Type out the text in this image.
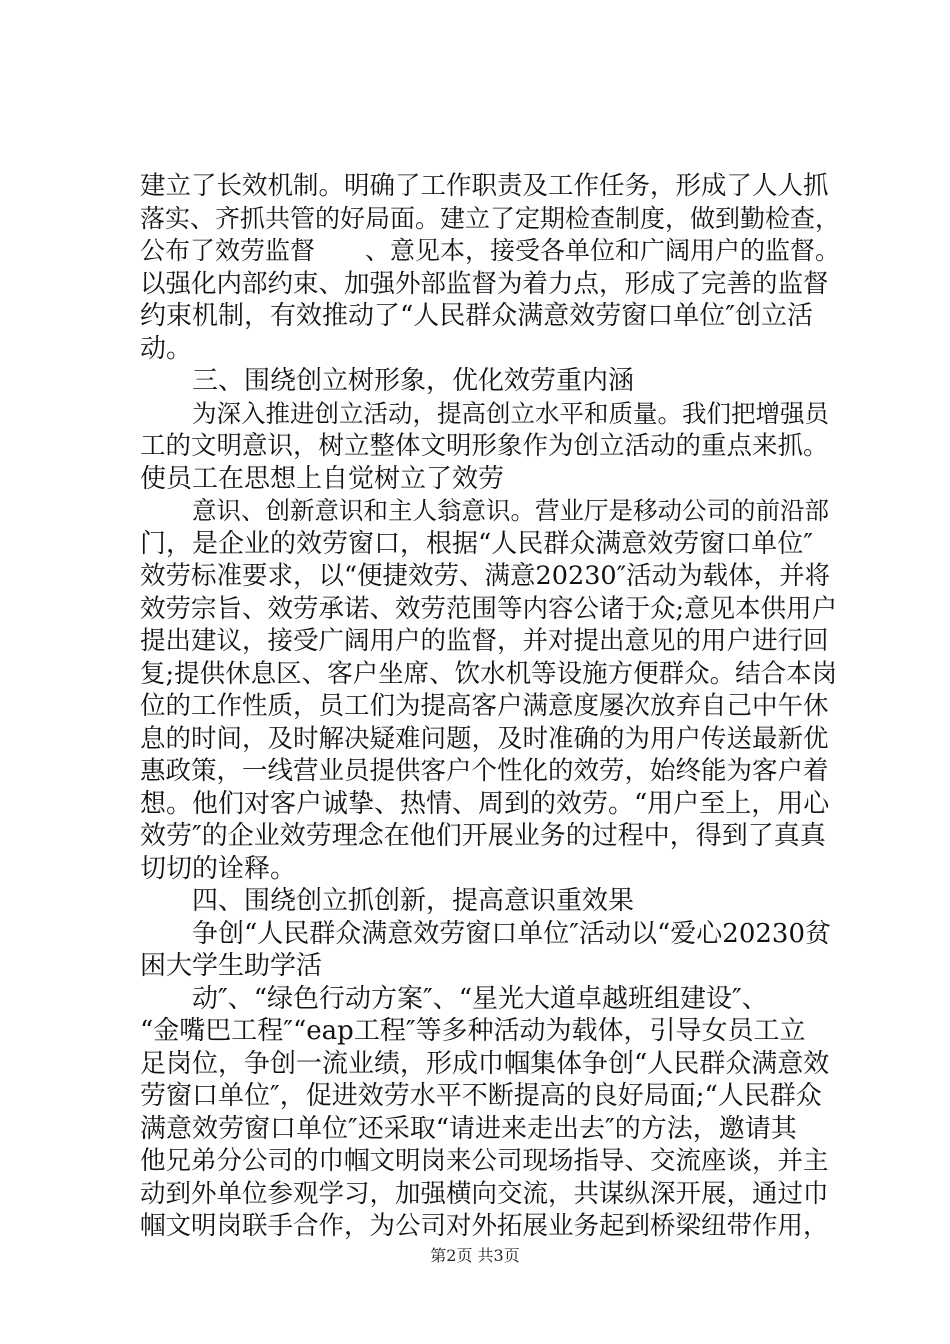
建立了长效机制。明确了工作职责及工作任务，形成了人人抓
落实、齐抓共管的好局面。建立了定期检查制度，做到勤检查，
公布了效劳监督　　、意见本，接受各单位和广阔用户的监督。
以强化内部约束、加强外部监督为着力点，形成了完善的监督
约束机制，有效推动了“人民群众满意效劳窗口单位″创立活
动。
三、围绕创立树形象，优化效劳重内涵
为深入推进创立活动，提高创立水平和质量。我们把增强员
工的文明意识，树立整体文明形象作为创立活动的重点来抓。
使员工在思想上自觉树立了效劳
意识、创新意识和主人翁意识。营业厅是移动公司的前沿部
门，是企业的效劳窗口，根据“人民群众满意效劳窗口单位″
效劳标准要求，以“便捷效劳、满意20230″活动为载体，并将
效劳宗旨、效劳承诺、效劳范围等内容公诸于众;意见本供用户
提出建议，接受广阔用户的监督，并对提出意见的用户进行回
复;提供休息区、客户坐席、饮水机等设施方便群众。结合本岗
位的工作性质，员工们为提高客户满意度屡次放弃自己中午休
息的时间，及时解决疑难问题，及时准确的为用户传送最新优
惠政策，一线营业员提供客户个性化的效劳，始终能为客户着
想。他们对客户诚挚、热情、周到的效劳。“用户至上，用心
效劳″的企业效劳理念在他们开展业务的过程中，得到了真真
切切的诠释。
四、围绕创立抓创新，提高意识重效果
争创“人民群众满意效劳窗口单位″活动以“爱心20230贫
困大学生助学活
动″、“绿色行动方案″、“星光大道卓越班组建设″、
“金嘴巴工程″“eap工程″等多种活动为载体，引导女员工立
足岗位，争创一流业绩，形成巾帼集体争创“人民群众满意效
劳窗口单位″，促进效劳水平不断提高的良好局面;“人民群众
满意效劳窗口单位″还采取“请进来走出去″的方法，邀请其
他兄弟分公司的巾帼文明岗来公司现场指导、交流座谈，并主
动到外单位参观学习，加强横向交流，共谋纵深开展，通过巾
帼文明岗联手合作，为公司对外拓展业务起到桥梁纽带作用，
第2页 共3页
